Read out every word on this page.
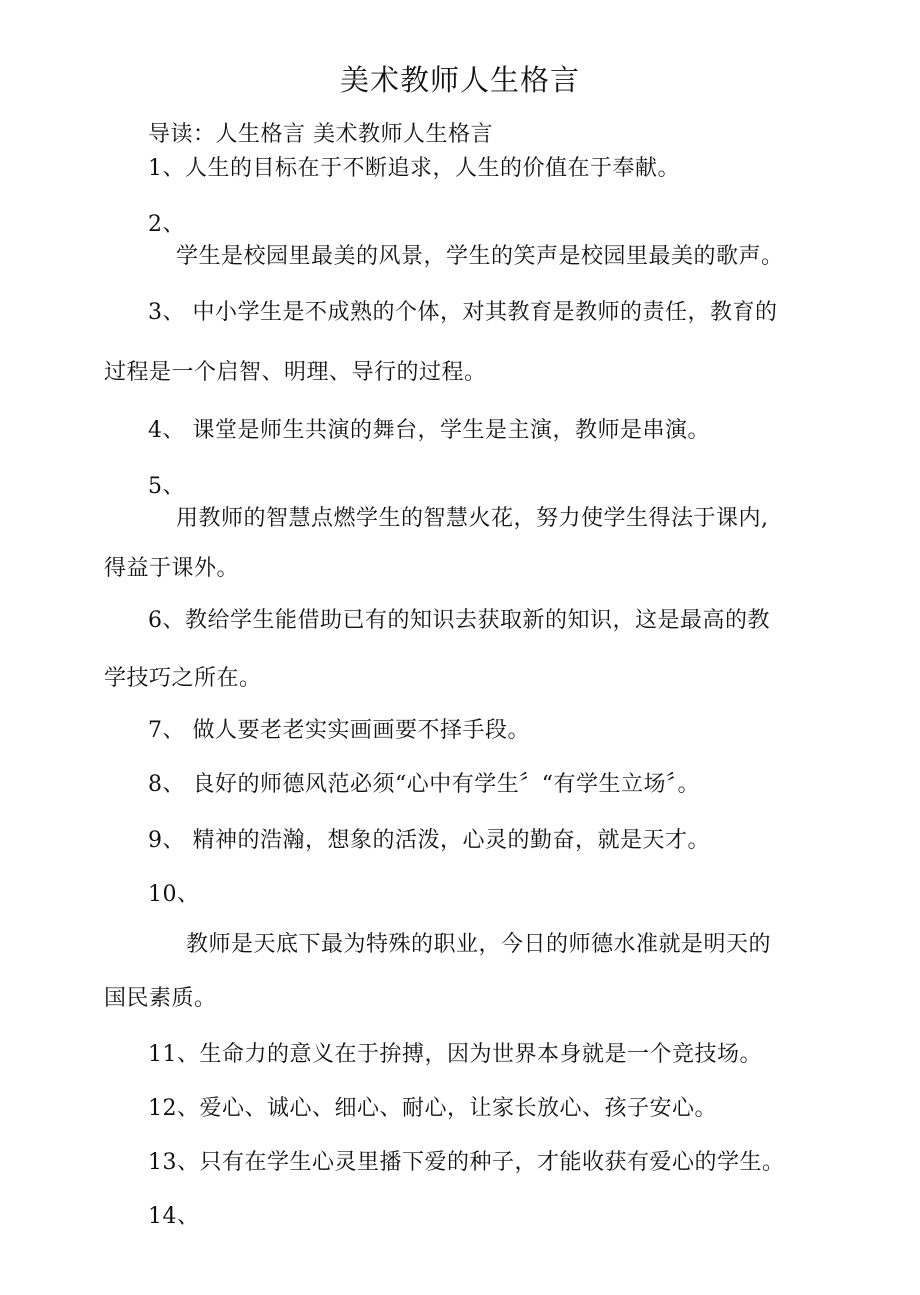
美术教师人生格言
导读：人生格言 美术教师人生格言
1、人生的目标在于不断追求，人生的价值在于奉献。
2、
学生是校园里最美的风景，学生的笑声是校园里最美的歌声。
3、 中小学生是不成熟的个体，对其教育是教师的责任，教育的
过程是一个启智、明理、导行的过程。
4、 课堂是师生共演的舞台，学生是主演，教师是串演。
5、
用教师的智慧点燃学生的智慧火花，努力使学生得法于课内,
得益于课外。
6、教给学生能借助已有的知识去获取新的知识，这是最高的教
学技巧之所在。
7、 做人要老老实实画画要不择手段。
8、 良好的师德风范必须“心中有学生〞“有学生立场〞。
9、 精神的浩瀚，想象的活泼，心灵的勤奋，就是天才。
10、
教师是天底下最为特殊的职业，今日的师德水准就是明天的
国民素质。
11、生命力的意义在于拚搏，因为世界本身就是一个竞技场。
12、爱心、诚心、细心、耐心，让家长放心、孩子安心。
13、只有在学生心灵里播下爱的种子，才能收获有爱心的学生。
14、
